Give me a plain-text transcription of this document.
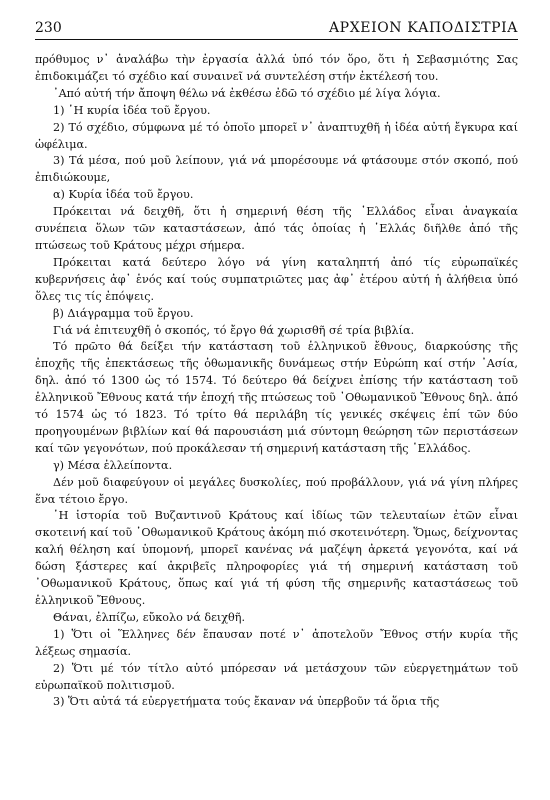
230	ΑΡΧΕΙΟΝ ΚΑΠΟΔΙΣΤΡΙΑ

πρόθυμος ν᾿ ἀναλάβω τὴν ἐργασία ἀλλά ὑπό τόν ὅρο, ὅτι ἡ Σεβασμιότης Σας ἐπιδοκιμάζει τό σχέδιο καί συναινεῖ νά συντελέση στήν ἐκτέλεσή του.

᾿Από αὐτή τήν ἄποψη θέλω νά ἐκθέσω ἐδῶ τό σχέδιο μέ λίγα λόγια.

1) ῾Η κυρία ἰδέα τοῦ ἔργου.

2) Τό σχέδιο, σύμφωνα μέ τό ὁποῖο μπορεῖ ν᾿ ἀναπτυχθῆ ἡ ἰδέα αὐτή ἔγκυρα καί ὠφέλιμα.

3) Τά μέσα, πού μοῦ λείπουν, γιά νά μπορέσουμε νά φτάσουμε στόν σκοπό, πού ἐπιδιώκουμε,

α) Κυρία ἰδέα τοῦ ἔργου.

Πρόκειται νά δειχθῆ, ὅτι ἡ σημερινή θέση τῆς ῾Ελλάδος εἶναι ἀναγκαία συνέπεια ὅλων τῶν καταστάσεων, ἀπό τάς ὁποίας ἡ ῾Ελλάς διῆλθε ἀπό τῆς πτώσεως τοῦ Κράτους μέχρι σήμερα.

Πρόκειται κατά δεύτερο λόγο νά γίνη καταληπτή ἀπό τίς εὐρωπαϊκές κυβερνήσεις ἀφ᾿ ἑνός καί τούς συμπατριῶτες μας ἀφ᾿ ἑτέρου αὐτή ἡ ἀλήθεια ὑπό ὅλες τις τίς ἐπόψεις.

β) Διάγραμμα τοῦ ἔργου.

Γιά νά ἐπιτευχθῆ ὁ σκοπός, τό ἔργο θά χωρισθῆ σέ τρία βιβλία.

Τό πρῶτο θά δείξει τήν κατάσταση τοῦ ἑλληνικοῦ ἔθνους, διαρκούσης τῆς ἐποχῆς τῆς ἐπεκτάσεως τῆς ὀθωμανικῆς δυνάμεως στήν Εὐρώπη καί στήν ᾿Ασία, δηλ. ἀπό τό 1300 ὡς τό 1574. Τό δεύτερο θά δείχνει ἐπίσης τήν κατάσταση τοῦ ἑλληνικοῦ Ἔθνους κατά τήν ἐποχή τῆς πτώσεως τοῦ ᾿Οθωμανικοῦ Ἔθνους δηλ. ἀπό τό 1574 ὡς τό 1823. Τό τρίτο θά περιλάβη τίς γενικές σκέψεις ἐπί τῶν δύο προηγουμένων βιβλίων καί θά παρουσιάση μιά σύντομη θεώρηση τῶν περιστάσεων καί τῶν γεγονότων, πού προκάλεσαν τή σημερινή κατάσταση τῆς ῾Ελλάδος.

γ) Μέσα ἐλλείποντα.

Δέν μοῦ διαφεύγουν οἱ μεγάλες δυσκολίες, πού προβάλλουν, γιά νά γίνη πλήρες ἕνα τέτοιο ἔργο.

῾Η ἱστορία τοῦ Βυζαντινοῦ Κράτους καί ἰδίως τῶν τελευταίων ἐτῶν εἶναι σκοτεινή καί τοῦ ᾿Οθωμανικοῦ Κράτους ἀκόμη πιό σκοτεινότερη. Ὅμως, δείχνοντας καλή θέληση καί ὑπομονή, μπορεῖ κανένας νά μαζέψη ἀρκετά γεγονότα, καί νά δώση ξάστερες καί ἀκριβεῖς πληροφορίες γιά τή σημερινή κατάσταση τοῦ ᾿Οθωμανικοῦ Κράτους, ὅπως καί γιά τή φύση τῆς σημερινῆς καταστάσεως τοῦ ἑλληνικοῦ Ἔθνους.

Θάναι, ἐλπίζω, εὔκολο νά δειχθῆ.

1) Ὅτι οἱ Ἕλληνες δέν ἔπαυσαν ποτέ ν᾿ ἀποτελοῦν Ἔθνος στήν κυρία τῆς λέξεως σημασία.

2) Ὅτι μέ τόν τίτλο αὐτό μπόρεσαν νά μετάσχουν τῶν εὐεργετημάτων τοῦ εὐρωπαϊκοῦ πολιτισμοῦ.

3) Ὅτι αὐτά τά εὐεργετήματα τούς ἔκαναν νά ὑπερβοῦν τά ὅρια τῆς
